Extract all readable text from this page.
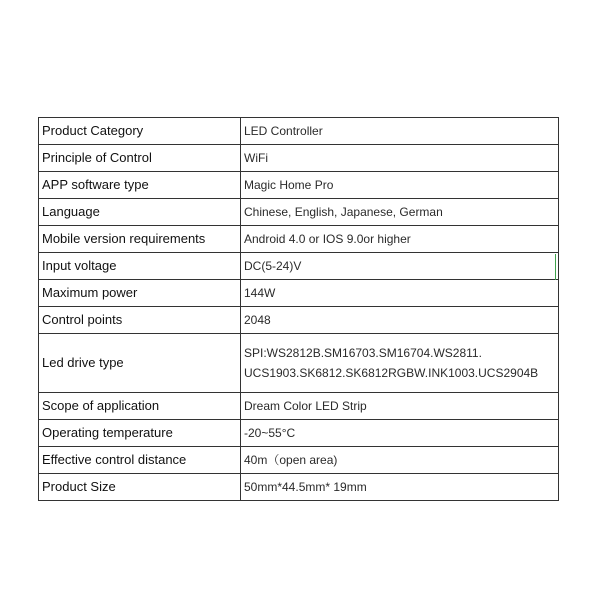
Product Category	LED Controller
Principle of Control	WiFi
APP software type	Magic Home Pro
Language	Chinese, English, Japanese, German
Mobile version requirements	Android 4.0 or IOS 9.0or higher
Input voltage	DC(5-24)V
Maximum power	144W
Control points	2048
Led drive type	SPI:WS2812B.SM16703.SM16704.WS2811.
UCS1903.SK6812.SK6812RGBW.INK1003.UCS2904B

Scope of application	Dream Color LED Strip
Operating temperature	-20~55°C
Effective control distance	40m（open area)
Product Size	50mm*44.5mm* 19mm
